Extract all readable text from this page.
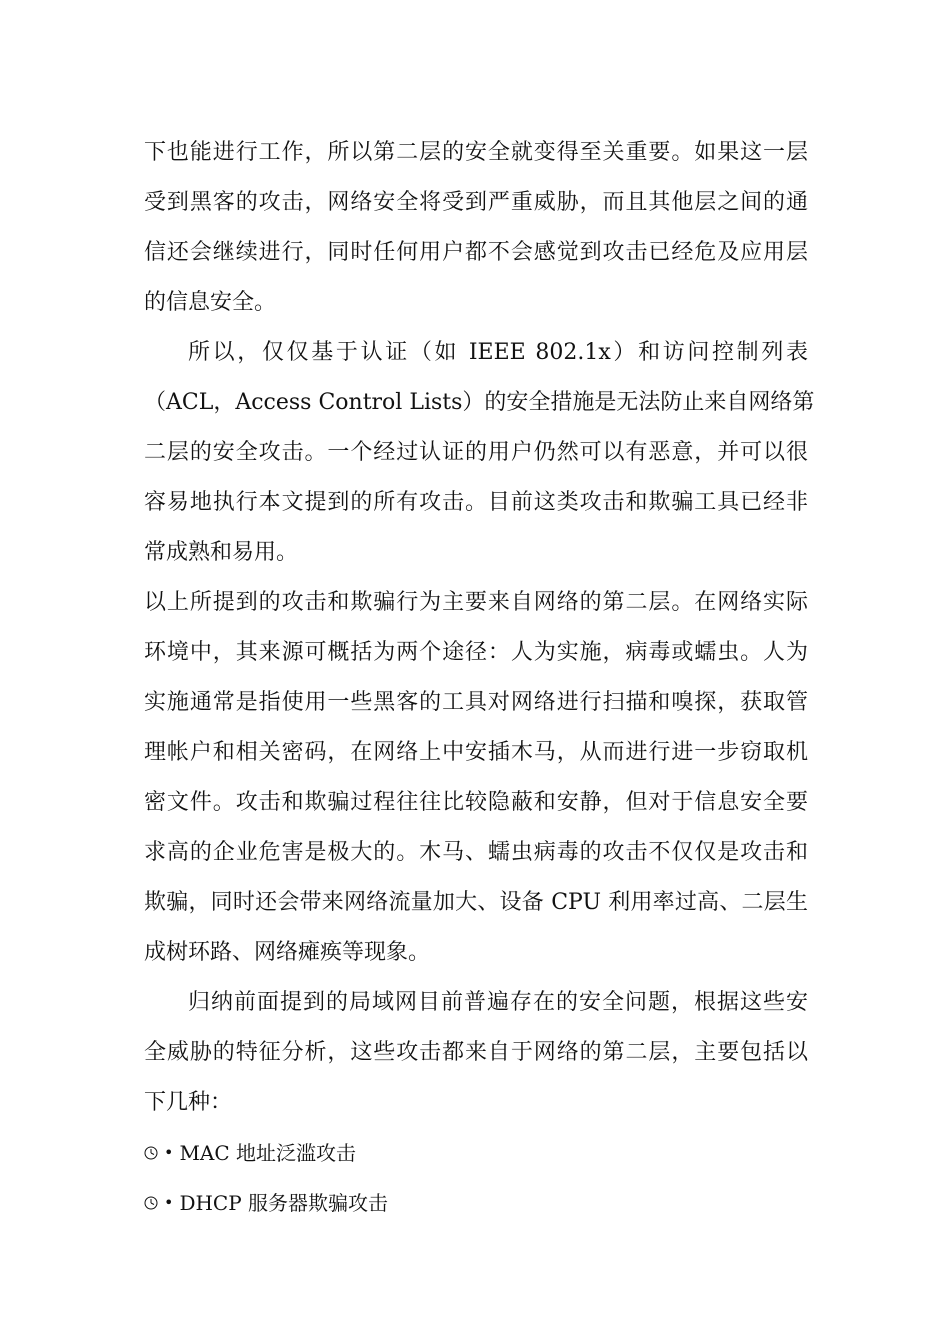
下也能进行工作，所以第二层的安全就变得至关重要。如果这一层
受到黑客的攻击，网络安全将受到严重威胁，而且其他层之间的通
信还会继续进行，同时任何用户都不会感觉到攻击已经危及应用层
的信息安全。
所以，仅仅基于认证（如 IEEE 802.1x）和访问控制列表
（ACL，Access Control Lists）的安全措施是无法防止来自网络第
二层的安全攻击。一个经过认证的用户仍然可以有恶意，并可以很
容易地执行本文提到的所有攻击。目前这类攻击和欺骗工具已经非
常成熟和易用。
以上所提到的攻击和欺骗行为主要来自网络的第二层。在网络实际
环境中，其来源可概括为两个途径：人为实施，病毒或蠕虫。人为
实施通常是指使用一些黑客的工具对网络进行扫描和嗅探，获取管
理帐户和相关密码，在网络上中安插木马，从而进行进一步窃取机
密文件。攻击和欺骗过程往往比较隐蔽和安静，但对于信息安全要
求高的企业危害是极大的。木马、蠕虫病毒的攻击不仅仅是攻击和
欺骗，同时还会带来网络流量加大、设备 CPU 利用率过高、二层生
成树环路、网络瘫痪等现象。
归纳前面提到的局域网目前普遍存在的安全问题，根据这些安
全威胁的特征分析，这些攻击都来自于网络的第二层，主要包括以
下几种：
• MAC 地址泛滥攻击
• DHCP 服务器欺骗攻击
